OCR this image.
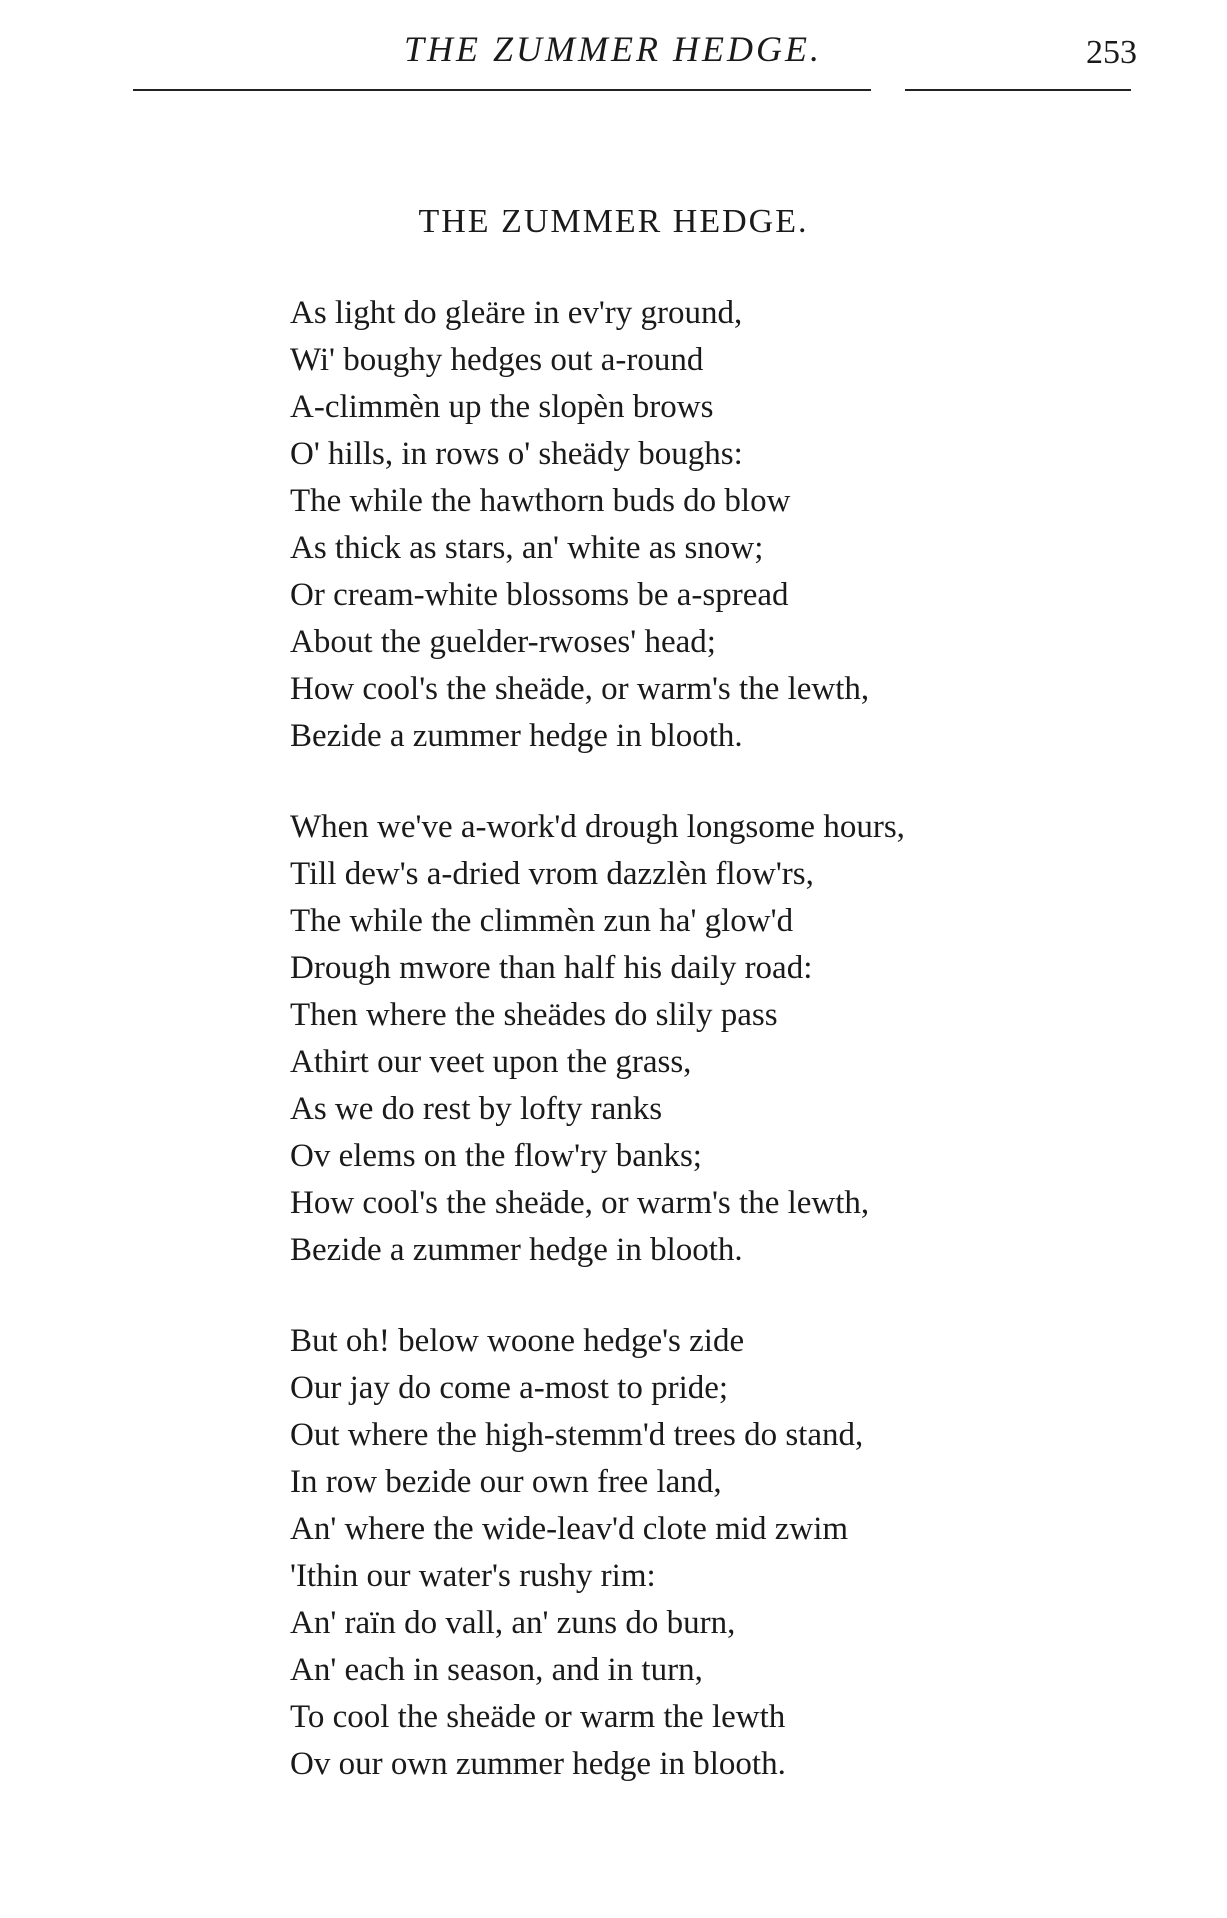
THE ZUMMER HEDGE.	253
THE ZUMMER HEDGE.
As light do gleäre in ev'ry ground,
Wi' boughy hedges out a-round
A-climmèn up the slopèn brows
O' hills, in rows o' sheädy boughs:
The while the hawthorn buds do blow
As thick as stars, an' white as snow;
Or cream-white blossoms be a-spread
About the guelder-rwoses' head;
How cool's the sheäde, or warm's the lewth,
Bezide a zummer hedge in blooth.
When we've a-work'd drough longsome hours,
Till dew's a-dried vrom dazzlèn flow'rs,
The while the climmèn zun ha' glow'd
Drough mwore than half his daily road:
Then where the sheädes do slily pass
Athirt our veet upon the grass,
As we do rest by lofty ranks
Ov elems on the flow'ry banks;
How cool's the sheäde, or warm's the lewth,
Bezide a zummer hedge in blooth.
But oh! below woone hedge's zide
Our jay do come a-most to pride;
Out where the high-stemm'd trees do stand,
In row bezide our own free land,
An' where the wide-leav'd clote mid zwim
'Ithin our water's rushy rim:
An' raïn do vall, an' zuns do burn,
An' each in season, and in turn,
To cool the sheäde or warm the lewth
Ov our own zummer hedge in blooth.
